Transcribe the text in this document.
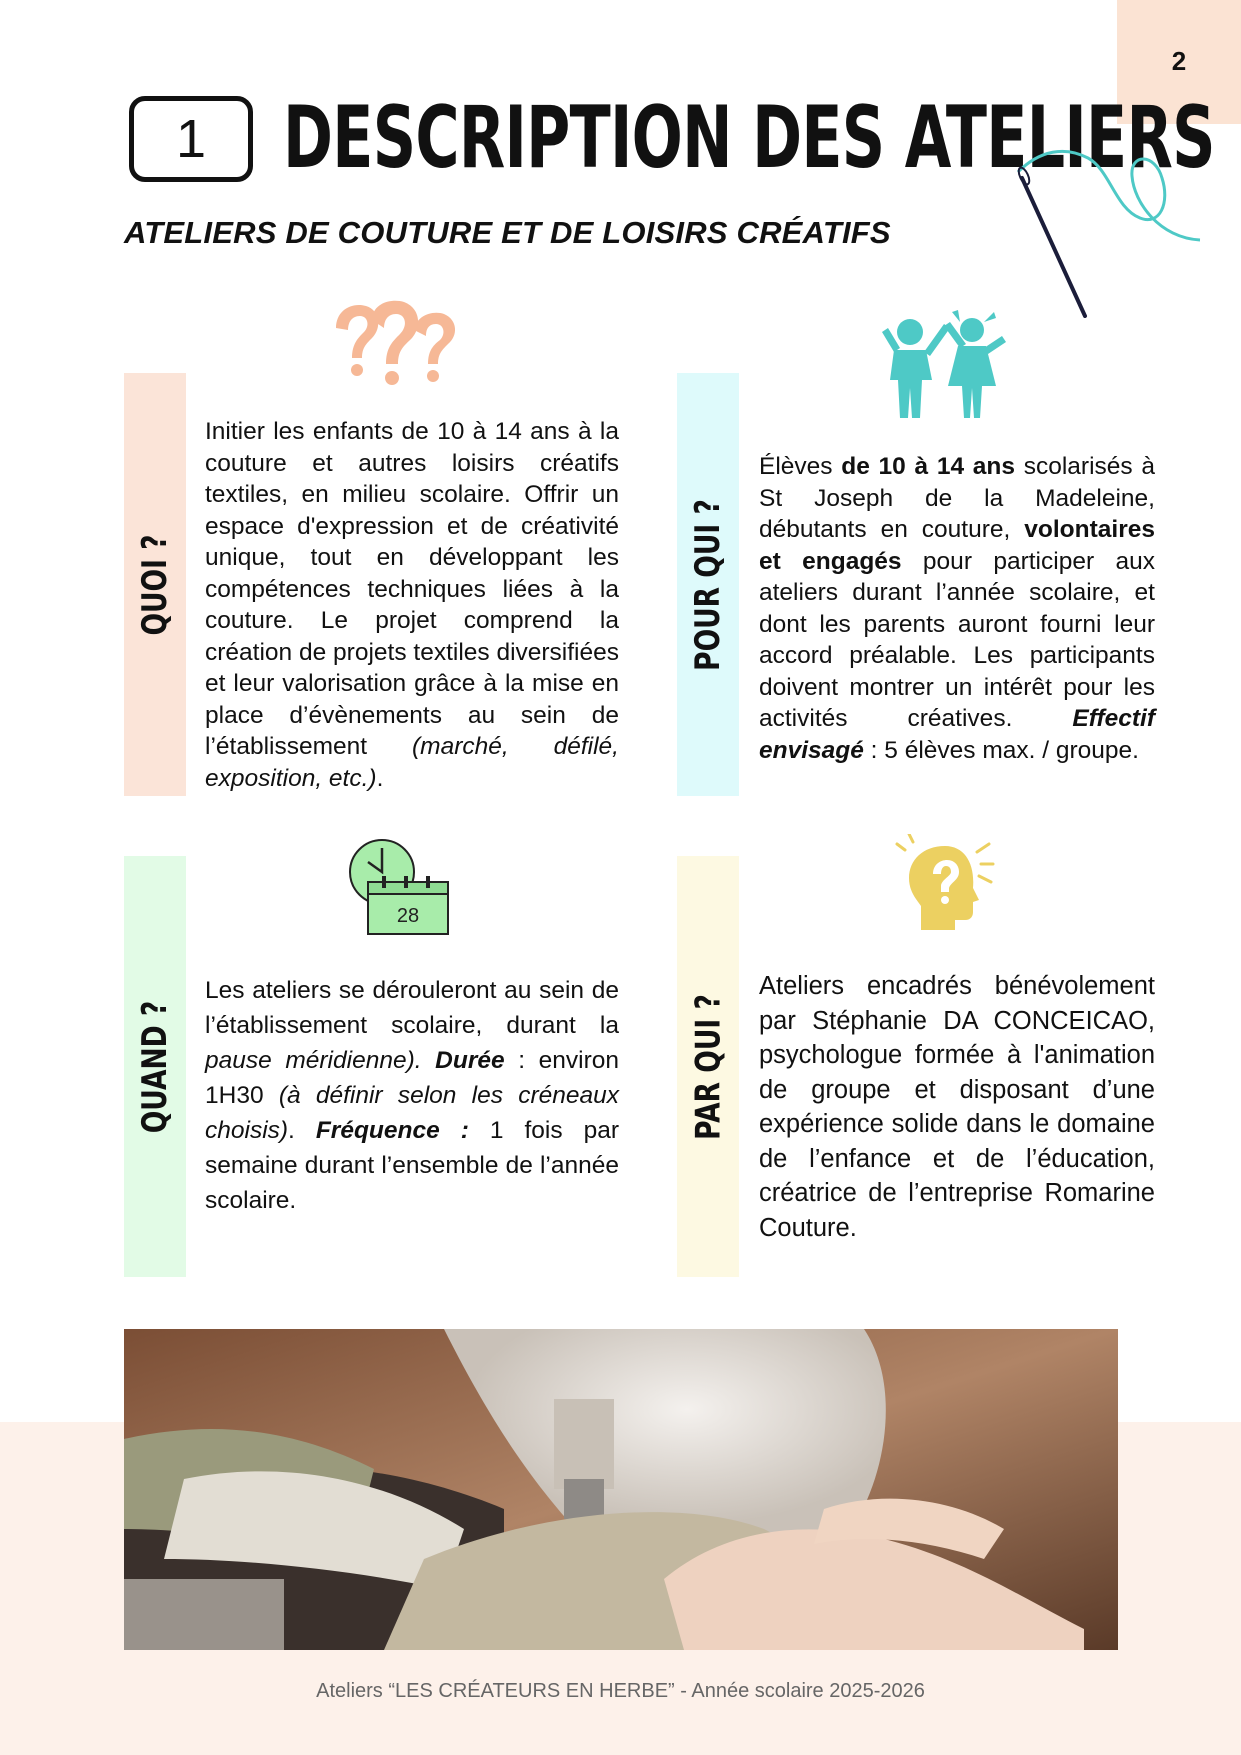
2
1 DESCRIPTION DES ATELIERS
ATELIERS DE COUTURE ET DE LOISIRS CRÉATIFS
QUOI ?
Initier les enfants de 10 à 14 ans à la couture et autres loisirs créatifs textiles, en milieu scolaire. Offrir un espace d'expression et de créativité unique, tout en développant les compétences techniques liées à la couture. Le projet comprend la création de projets textiles diversifiées et leur valorisation grâce à la mise en place d’évènements au sein de l’établissement (marché, défilé, exposition, etc.).
POUR QUI ?
Élèves de 10 à 14 ans scolarisés à St Joseph de la Madeleine, débutants en couture, volontaires et engagés pour participer aux ateliers durant l’année scolaire, et dont les parents auront fourni leur accord préalable. Les participants doivent montrer un intérêt pour les activités créatives. Effectif envisagé : 5 élèves max. / groupe.
QUAND ?
28
Les ateliers se dérouleront au sein de l’établissement scolaire, durant la pause méridienne). Durée : environ 1H30 (à définir selon les créneaux choisis). Fréquence : 1 fois par semaine durant l’ensemble de l’année scolaire.
PAR QUI ?
Ateliers encadrés bénévolement par Stéphanie DA CONCEICAO, psychologue formée à l'animation de groupe et disposant d’une expérience solide dans le domaine de l’enfance et de l’éducation, créatrice de l’entreprise Romarine Couture.
Ateliers “LES CRÉATEURS EN HERBE” - Année scolaire 2025-2026
